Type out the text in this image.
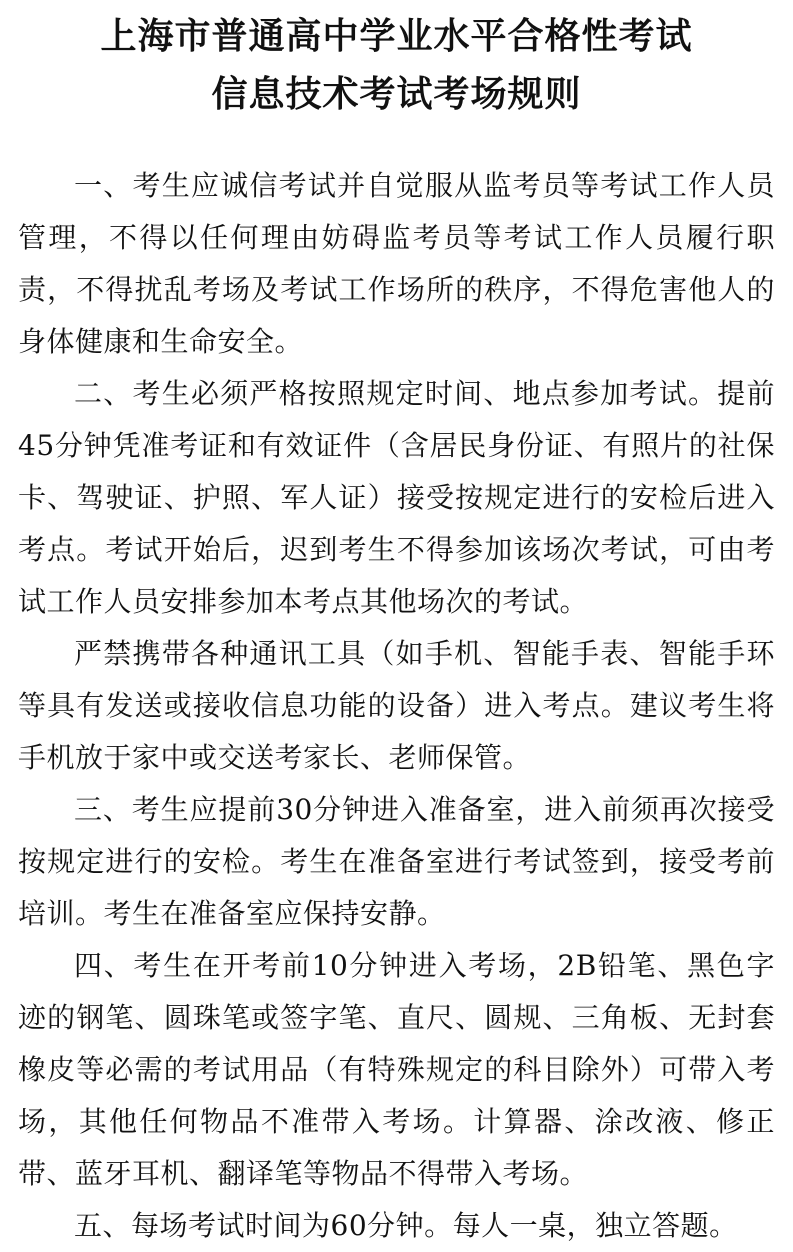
上海市普通高中学业水平合格性考试
信息技术考试考场规则

一、考生应诚信考试并自觉服从监考员等考试工作人员管理，不得以任何理由妨碍监考员等考试工作人员履行职责，不得扰乱考场及考试工作场所的秩序，不得危害他人的身体健康和生命安全。

二、考生必须严格按照规定时间、地点参加考试。提前45分钟凭准考证和有效证件（含居民身份证、有照片的社保卡、驾驶证、护照、军人证）接受按规定进行的安检后进入考点。考试开始后，迟到考生不得参加该场次考试，可由考试工作人员安排参加本考点其他场次的考试。

严禁携带各种通讯工具（如手机、智能手表、智能手环等具有发送或接收信息功能的设备）进入考点。建议考生将手机放于家中或交送考家长、老师保管。

三、考生应提前30分钟进入准备室，进入前须再次接受按规定进行的安检。考生在准备室进行考试签到，接受考前培训。考生在准备室应保持安静。

四、考生在开考前10分钟进入考场，2B铅笔、黑色字迹的钢笔、圆珠笔或签字笔、直尺、圆规、三角板、无封套橡皮等必需的考试用品（有特殊规定的科目除外）可带入考场，其他任何物品不准带入考场。计算器、涂改液、修正带、蓝牙耳机、翻译笔等物品不得带入考场。

五、每场考试时间为60分钟。每人一桌，独立答题。
